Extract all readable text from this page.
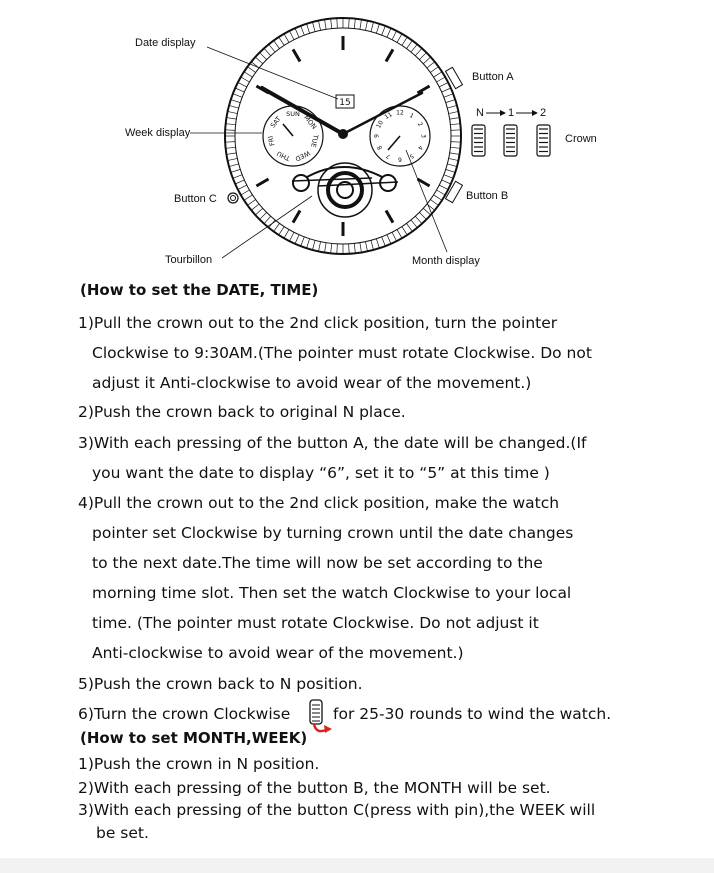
SUN MON
TUE
WED
THU
FRI
SAT
12 1
2
3
4
5
6
7
8
9
10
11
15
Date display
Week display
Button C
Tourbillon	Month display
Button A
Button B
Crown
N 1 2
(How to set the DATE, TIME)
1)Pull the crown out to the 2nd click position, turn the pointer
Clockwise to 9:30AM.(The pointer must rotate Clockwise. Do not
adjust it Anti-clockwise to avoid wear of the movement.)
2)Push the crown back to original N place.
3)With each pressing of the button A, the date will be changed.(If
you want the date to display “6”, set it to “5” at this time )
4)Pull the crown out to the 2nd click position, make the watch
pointer set Clockwise by turning crown until the date changes
to the next date.The time will now be set according to the
morning time slot. Then set the watch Clockwise to your local
time. (The pointer must rotate Clockwise. Do not adjust it
Anti-clockwise to avoid wear of the movement.)
5)Push the crown back to N position.
6)Turn the crown Clockwise	for 25-30 rounds to wind the watch.
(How to set MONTH,WEEK)
1)Push the crown in N position.
2)With each pressing of the button B, the MONTH will be set.
3)With each pressing of the button C(press with pin),the WEEK will
be set.
